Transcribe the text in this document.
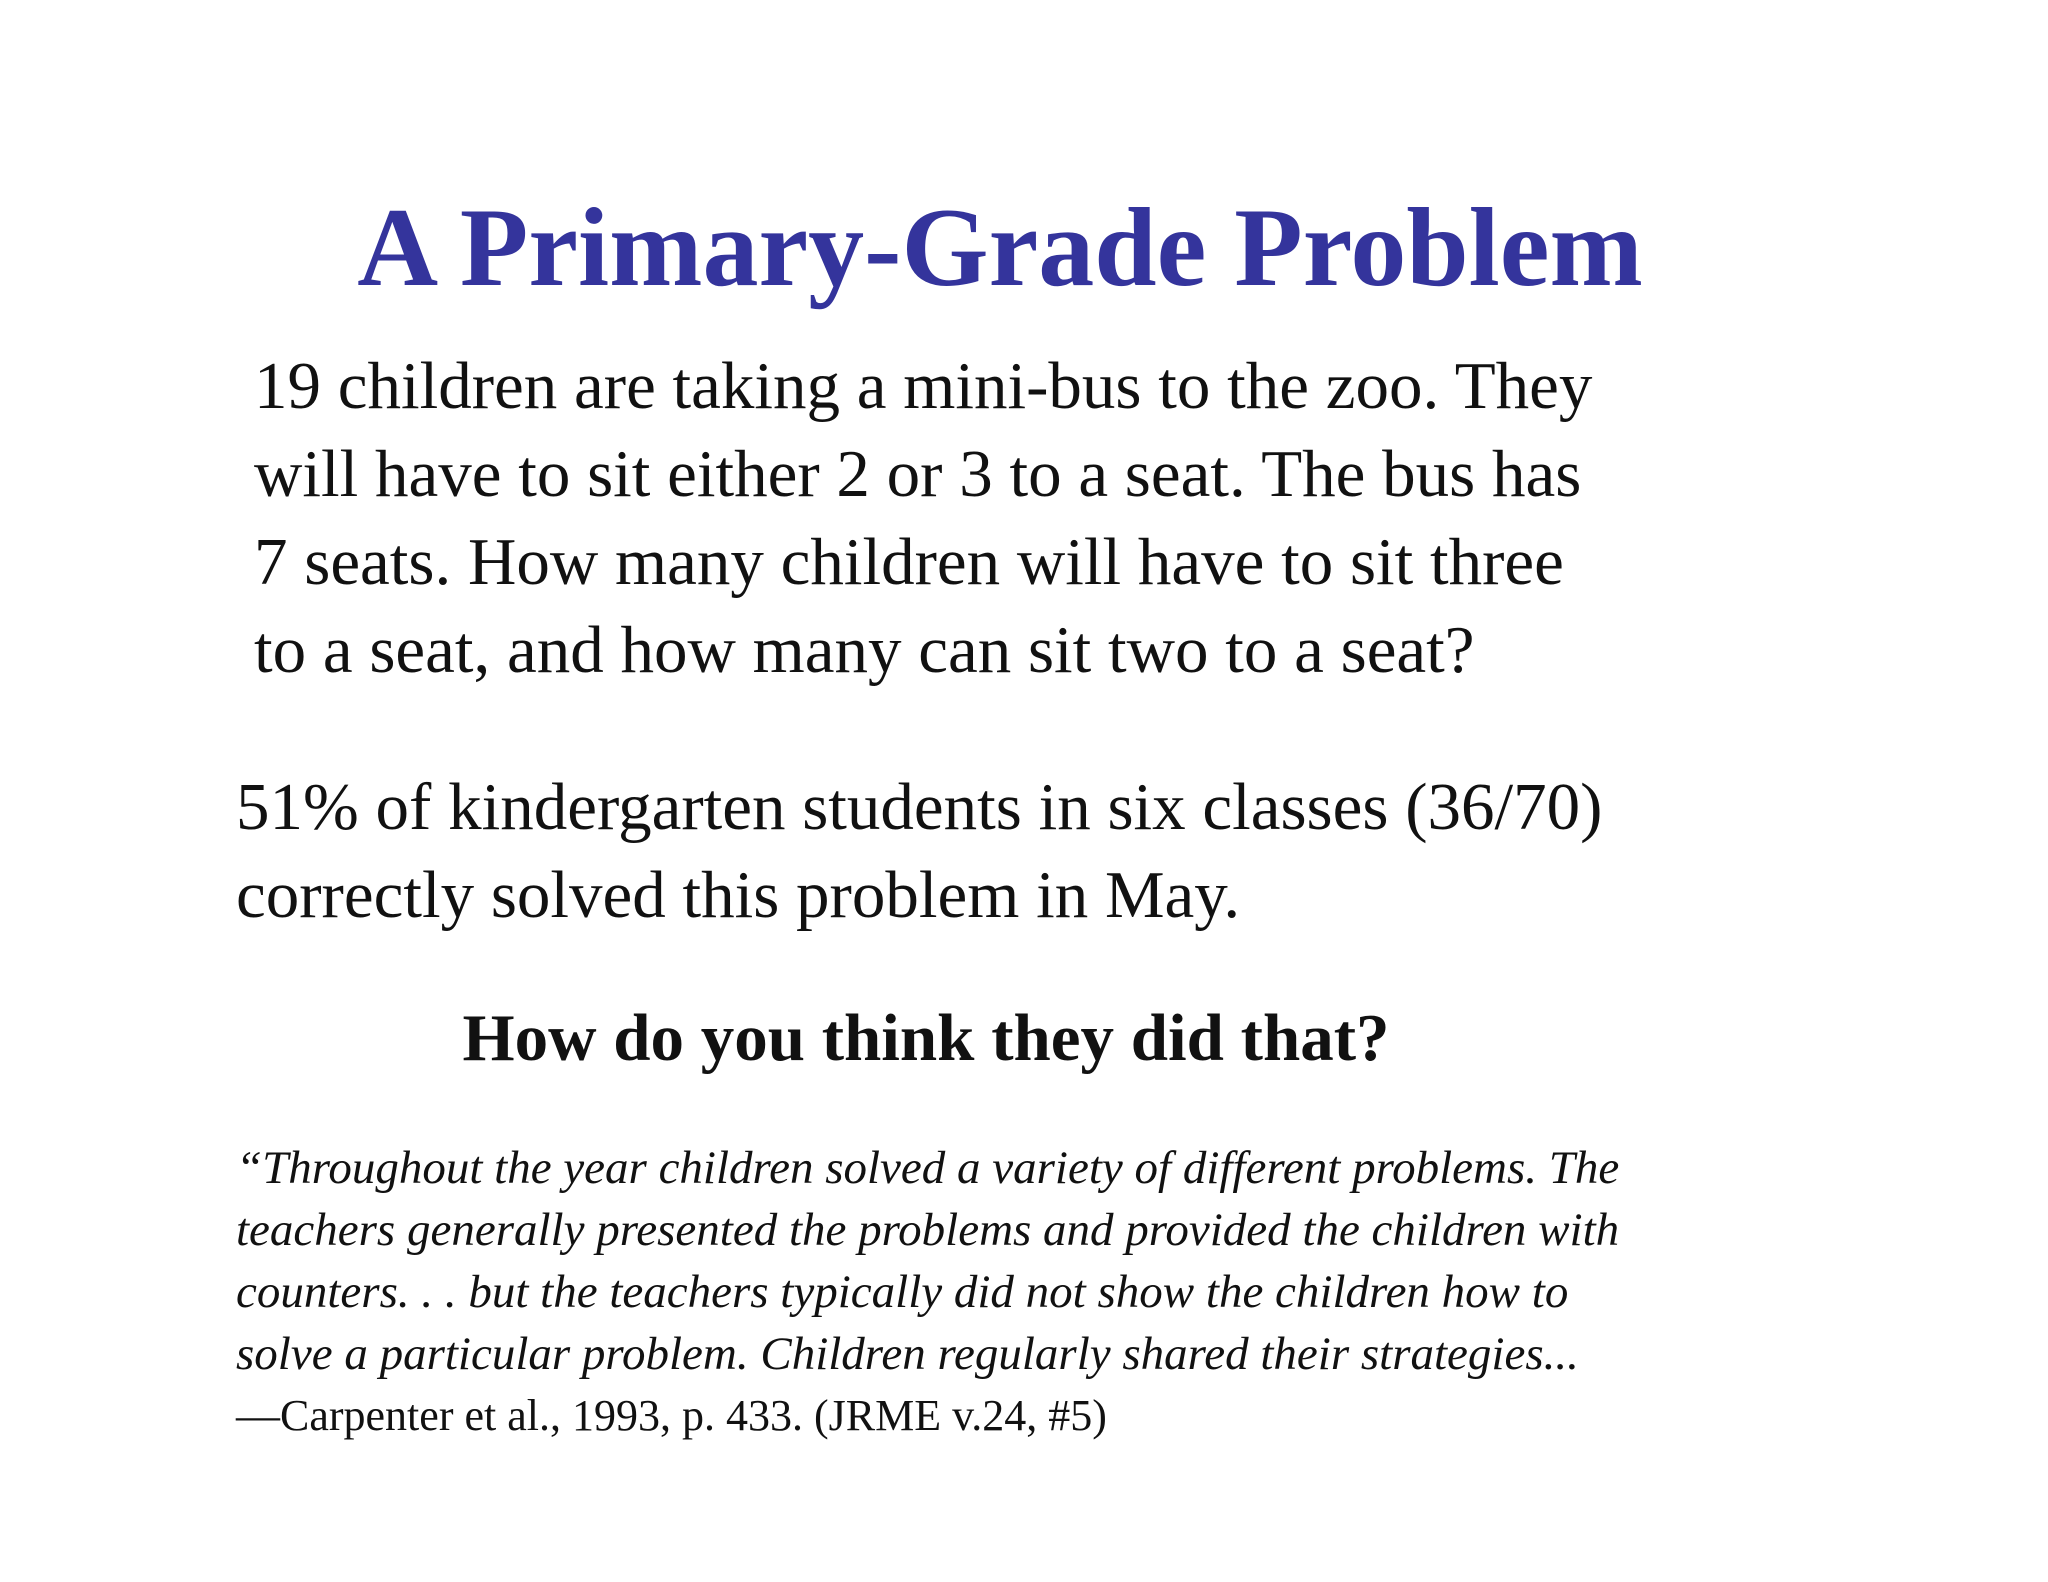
A Primary-Grade Problem
19 children are taking a mini-bus to the zoo. They
will have to sit either 2 or 3 to a seat. The bus has
7 seats. How many children will have to sit three
to a seat, and how many can sit two to a seat?
51% of kindergarten students in six classes (36/70)
correctly solved this problem in May.
How do you think they did that?
“Throughout the year children solved a variety of different problems. The
teachers generally presented the problems and provided the children with
counters. . . but the teachers typically did not show the children how to
solve a particular problem. Children regularly shared their strategies...
—Carpenter et al., 1993, p. 433. (JRME v.24, #5)
